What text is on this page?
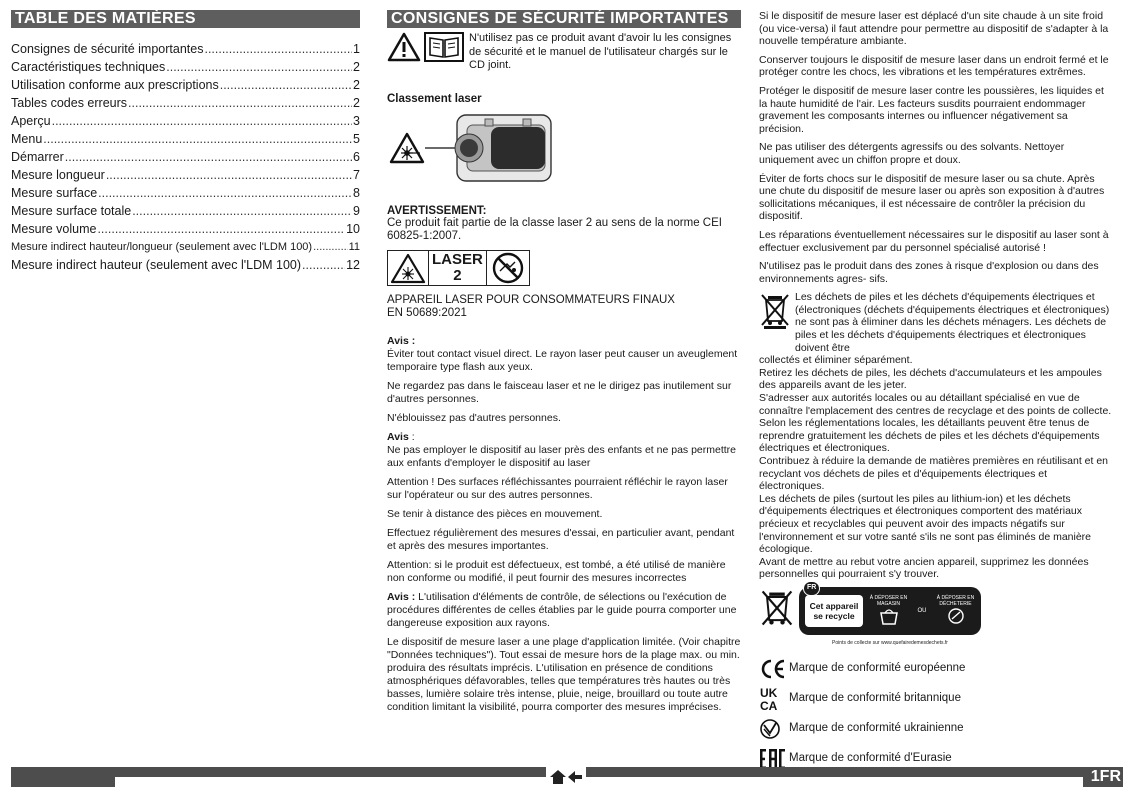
TABLE DES MATIÈRES
Consignes de sécurité importantes .....	1
Caractéristiques techniques .....	2
Utilisation conforme aux prescriptions .....	2
Tables codes erreurs .....	2
Aperçu .....	3
Menu .....	5
Démarrer .....	6
Mesure longueur .....	7
Mesure surface .....	8
Mesure surface totale .....	9
Mesure volume .....	10
Mesure indirect hauteur/longueur (seulement avec l'LDM 100) .....	11
Mesure indirect hauteur (seulement avec l'LDM 100) .....	12
CONSIGNES DE SÉCURITÉ IMPORTANTES
N'utilisez pas ce produit avant d'avoir lu les consignes de sécurité et le manuel de l'utilisateur chargés sur le CD joint.
Classement laser
AVERTISSEMENT:
Ce produit fait partie de la classe laser 2 au sens de la norme CEI 60825-1:2007.
LASER
2
APPAREIL LASER POUR CONSOMMATEURS FINAUX
EN 50689:2021
Avis :

Éviter tout contact visuel direct. Le rayon laser peut causer un aveuglement temporaire type flash aux yeux.

Ne regardez pas dans le faisceau laser et ne le dirigez pas inutilement sur d'autres personnes.

N'éblouissez pas d'autres personnes.

Avis :

Ne pas employer le dispositif au laser près des enfants et ne pas permettre aux enfants d'employer le dispositif au laser

Attention ! Des surfaces réfléchissantes pourraient réfléchir le rayon laser sur l'opérateur ou sur des autres personnes.

Se tenir à distance des pièces en mouvement.

Effectuez régulièrement des mesures d'essai, en particulier avant, pendant et après des mesures importantes.

Attention: si le produit est défectueux, est tombé, a été utilisé de manière non conforme ou modifié, il peut fournir des mesures incorrectes

Avis : L'utilisation d'éléments de contrôle, de sélections ou l'exécution de procédures différentes de celles établies par le guide pourra comporter une dangereuse exposition aux rayons.

Le dispositif de mesure laser a une plage d'application limitée. (Voir chapitre "Données techniques"). Tout essai de mesure hors de la plage max. ou min. produira des résultats imprécis. L'utilisation en présence de conditions atmosphériques défavorables, telles que températures très hautes ou très basses, lumière solaire très intense, pluie, neige, brouillard ou toute autre condition limitant la visibilité, pourra comporter des mesures imprécises.

Si le dispositif de mesure laser est déplacé d'un site chaude à un site froid (ou vice-versa) il faut attendre pour permettre au dispositif de s'adapter à la nouvelle température ambiante.

Conserver toujours le dispositif de mesure laser dans un endroit fermé et le protéger contre les chocs, les vibrations et les températures extrêmes.

Protéger le dispositif de mesure laser contre les poussières, les liquides et la haute humidité de l'air. Les facteurs susdits pourraient endommager gravement les composants internes ou influencer négativement sa précision.

Ne pas utiliser des détergents agressifs ou des solvants. Nettoyer uniquement avec un chiffon propre et doux.

Éviter de forts chocs sur le dispositif de mesure laser ou sa chute. Après une chute du dispositif de mesure laser ou après son exposition à d'autres sollicitations mécaniques, il est nécessaire de contrôler la précision du dispositif.

Les réparations éventuellement nécessaires sur le dispositif au laser sont à effectuer exclusivement par du personnel spécialisé autorisé !

N'utilisez pas le produit dans des zones à risque d'explosion ou dans des environnements agres- sifs.

Les déchets de piles et les déchets d'équipements électriques et (électroniques (déchets d'équipements électriques et électroniques) ne sont pas à éliminer dans les déchets ménagers. Les déchets de piles et les déchets d'équipements électriques et électroniques doivent être
collectés et éliminer séparément.
Retirez les déchets de piles, les déchets d'accumulateurs et les ampoules des appareils avant de les jeter.
S'adresser aux autorités locales ou au détaillant spécialisé en vue de connaître l'emplacement des centres de recyclage et des points de collecte.
Selon les réglementations locales, les détaillants peuvent être tenus de reprendre gratuitement les déchets de piles et les déchets d'équipements électriques et électroniques.
Contribuez à réduire la demande de matières premières en réutilisant et en recyclant vos déchets de piles et d'équipements électriques et électroniques.
Les déchets de piles (surtout les piles au lithium-ion) et les déchets d'équipements électriques et électroniques comportent des matériaux précieux et recyclables qui peuvent avoir des impacts négatifs sur l'environnement et sur votre santé s'ils ne sont pas éliminés de manière écologique.
Avant de mettre au rebut votre ancien appareil, supprimez les données personnelles qui pourraient s'y trouver.
FR
Cet appareil
se recycle
À DÉPOSER EN MAGASIN
OU
À DÉPOSER EN DÉCHETERIE
Points de collecte sur www.quefairedemesdechets.fr
Marque de conformité européenne
UK
CA
Marque de conformité britannique
Marque de conformité ukrainienne
Marque de conformité d'Eurasie
1FR
